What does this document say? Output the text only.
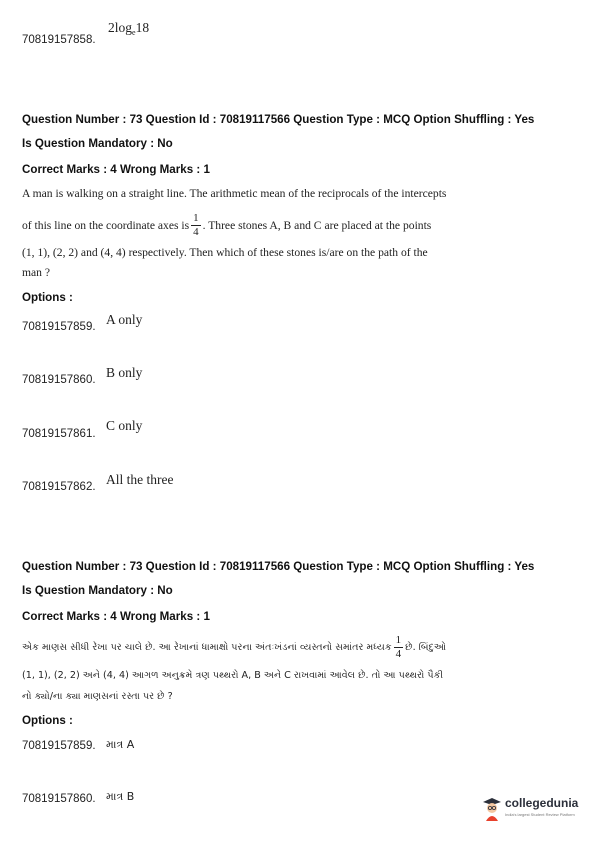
70819157858.
$2\log_e18$
Question Number : 73 Question Id : 70819117566 Question Type : MCQ Option Shuffling : Yes
Is Question Mandatory : No
Correct Marks : 4 Wrong Marks : 1
A man is walking on a straight line. The arithmetic mean of the reciprocals of the intercepts
of this line on the coordinate axes is $\frac{1}{4}$ . Three stones A, B and C are placed at the points
(1, 1), (2, 2) and (4, 4) respectively. Then which of these stones is/are on the path of the
man ?
Options :
70819157859. A only
70819157860. B only
70819157861.
C only
70819157862. All the three
Question Number : 73 Question Id : 70819117566 Question Type : MCQ Option Shuffling : Yes
Is Question Mandatory : No
Correct Marks : 4 Wrong Marks : 1
એક માણસ સીધી રેખા પર ચાલે છે. આ રેખાનાં ધામાક્ષો પરના અંતઃખંડનાં વ્યસ્તનો સમાંતર મધ્યક $\frac{1}{4}$ છે. બિંદુઓ
(1, 1), (2, 2) અને (4, 4) આગળ અનુક્રમે ત્રણ પથ્થરો A, B અને C રાખવામાં આવેલ છે. તો આ પથ્થરો પૈકી
નો ક્યો/ના ક્યા માણસનાં રસ્તા પર છે ?
Options :
70819157859. માત્ર A
70819157860. માત્ર B	collegedunia
India's largest Student Review Platform
